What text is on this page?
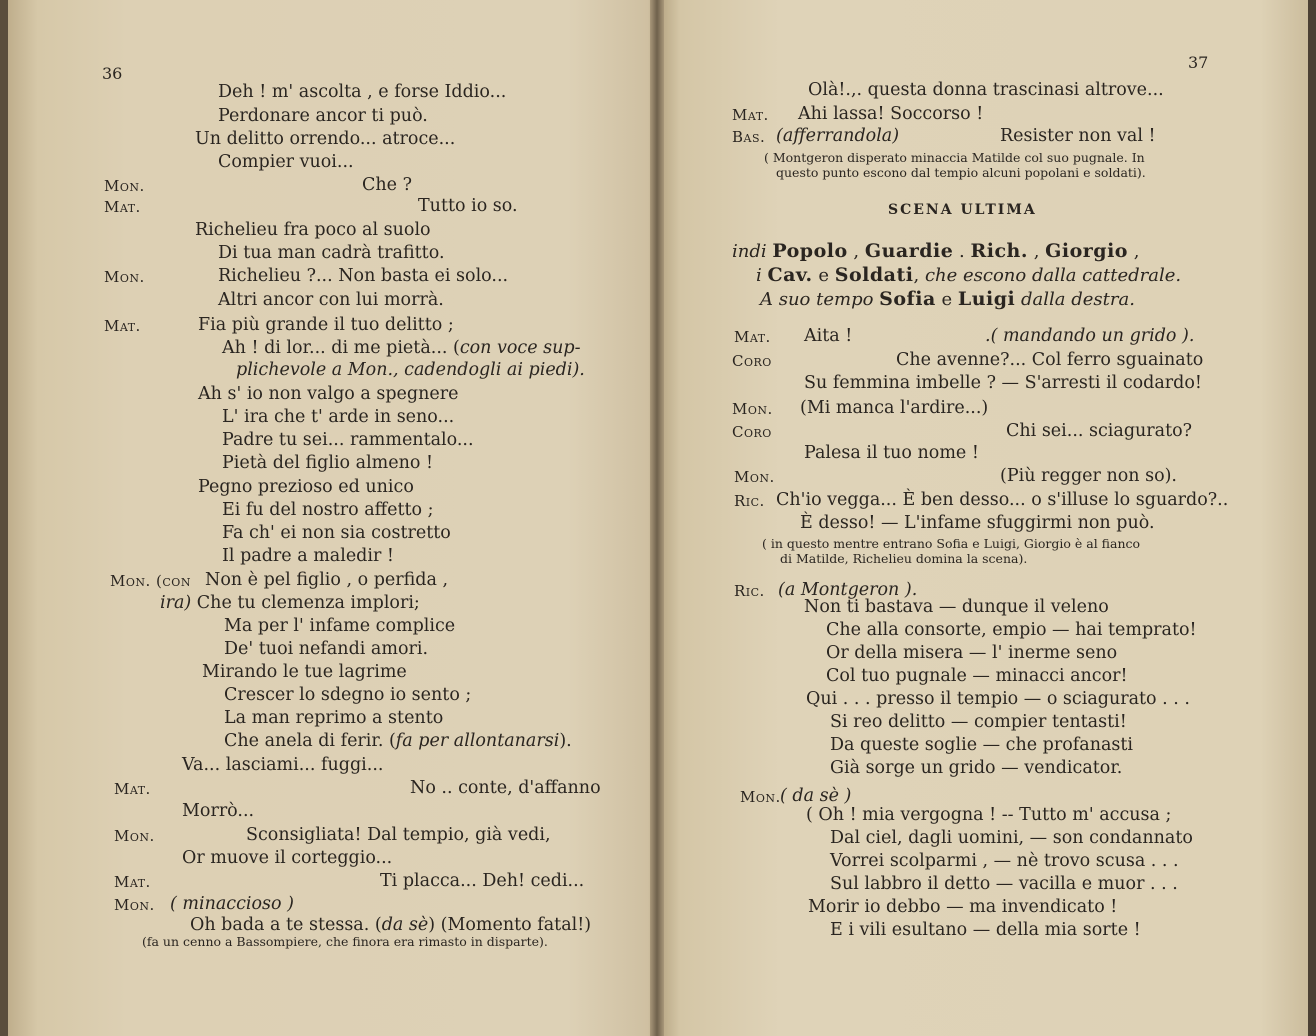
36
37
Deh ! m' ascolta , e forse Iddio...
Perdonare ancor ti può.
Un delitto orrendo... atroce...
Compier vuoi...
Mon.	Che ?
Mat.	Tutto io so.
Richelieu fra poco al suolo
Di tua man cadrà trafitto.
Mon.	Richelieu ?... Non basta ei solo...
Altri ancor con lui morrà.
Mat.	Fia più grande il tuo delitto ;
Ah ! di lor... di me pietà... (con voce sup-
plichevole a Mon., cadendogli ai piedi).
Ah s' io non valgo a spegnere
L' ira che t' arde in seno...
Padre tu sei... rammentalo...
Pietà del figlio almeno !
Pegno prezioso ed unico
Ei fu del nostro affetto ;
Fa ch' ei non sia costretto
Il padre a maledir !
Mon. (con Non è pel figlio , o perfida ,
ira) Che tu clemenza implori;
Ma per l' infame complice
De' tuoi nefandi amori.
Mirando le tue lagrime
Crescer lo sdegno io sento ;
La man reprimo a stento
Che anela di ferir. (fa per allontanarsi).
Va... lasciami... fuggi...
Mat.	No .. conte, d'affanno
Morrò...
Mon.	Sconsigliata! Dal tempio, già vedi,
Or muove il corteggio...
Mat.	Ti placca... Deh! cedi...
Mon. ( minaccioso )
Oh bada a te stessa. (da sè) (Momento fatal!)
(fa un cenno a Bassompiere, che finora era rimasto in disparte).
Olà!.,. questa donna trascinasi altrove...
Mat. Ahi lassa! Soccorso !
Bas. (afferrandola)	Resister non val !
Mat. Aita !	.( mandando un grido ).
Coro	Che avenne?... Col ferro sguainato
Su femmina imbelle ? — S'arresti il codardo!
Mon. (Mi manca l'ardire...)
Coro	Chi sei... sciagurato?
Palesa il tuo nome !
Mon.	(Più regger non so).
Ric. Ch'io vegga... È ben desso... o s'illuse lo sguardo?..
È desso! — L'infame sfuggirmi non può.
Ric. (a Montgeron ).
Non ti bastava — dunque il veleno
Che alla consorte, empio — hai temprato!
Or della misera — l' inerme seno
Col tuo pugnale — minacci ancor!
Qui . . . presso il tempio — o sciagurato . . .
Si reo delitto — compier tentasti!
Da queste soglie — che profanasti
Già sorge un grido — vendicator.
Mon. ( da sè )
( Oh ! mia vergogna ! -- Tutto m' accusa ;
Dal ciel, dagli uomini, — son condannato
Vorrei scolparmi , — nè trovo scusa . . .
Sul labbro il detto — vacilla e muor . . .
Morir io debbo — ma invendicato !
E i vili esultano — della mia sorte !
( Montgeron disperato minaccia Matilde col suo pugnale. In
questo punto escono dal tempio alcuni popolani e soldati).
SCENA ULTIMA
indi Popolo , Guardie . Rich. , Giorgio ,
i Cav. e Soldati, che escono dalla cattedrale.
A suo tempo Sofia e Luigi dalla destra.
( in questo mentre entrano Sofia e Luigi, Giorgio è al fianco
di Matilde, Richelieu domina la scena).
